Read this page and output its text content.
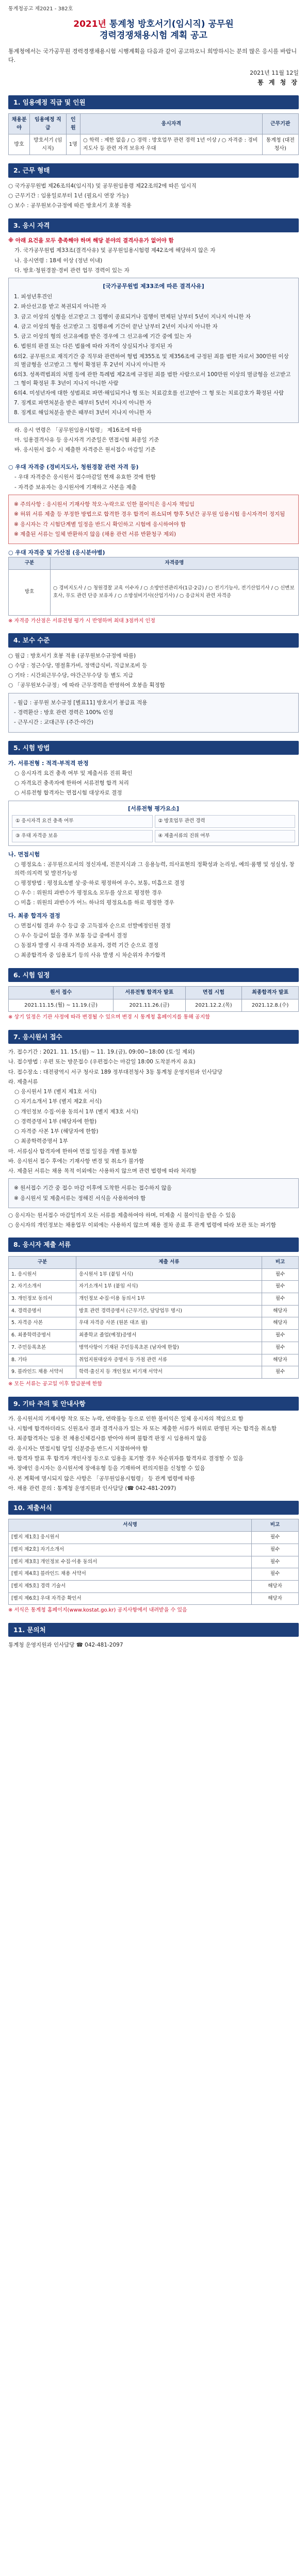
통계청공고 제2021 - 382호
2021년 통계청 방호서기(임시직) 공무원
경력경쟁채용시험 계획 공고
통계청에서는 국가공무원 경력경쟁채용시험 시행계획을 다음과 같이 공고하오니 희망하시는 분의 많은 응시를 바랍니다.
2021년 11월 12일
통 계 청 장
1. 임용예정 직급 및 인원
채용분야	임용예정 직급	인원	응시자격	근무기관
방호	방호서기 (임시직)	1명	○ 학력 : 제한 없음 / ○ 경력 : 방호업무 관련 경력 1년 이상 / ○ 자격증 : 경비지도사 등 관련 자격 보유자 우대	통계청 (대전청사)
2. 근무 형태
○ 국가공무원법 제26조의4(임시직) 및 공무원임용령 제22조의2에 따른 임시직
○ 근무기간 : 임용일로부터 1년 (필요시 연장 가능)
○ 보수 : 공무원보수규정에 따른 방호서기 호봉 적용
3. 응시 자격
※ 아래 요건을 모두 충족해야 하며 해당 분야의 결격사유가 없어야 함
가. 국가공무원법 제33조(결격사유) 및 공무원임용시험령 제42조에 해당하지 않은 자
나. 응시연령 : 18세 이상 (정년 이내)
다. 방호·청원경찰·경비 관련 업무 경력이 있는 자
[국가공무원법 제33조에 따른 결격사유]
1. 피성년후견인
2. 파산선고를 받고 복권되지 아니한 자
3. 금고 이상의 실형을 선고받고 그 집행이 종료되거나 집행이 면제된 날부터 5년이 지나지 아니한 자
4. 금고 이상의 형을 선고받고 그 집행유예 기간이 끝난 날부터 2년이 지나지 아니한 자
5. 금고 이상의 형의 선고유예를 받은 경우에 그 선고유예 기간 중에 있는 자
6. 법원의 판결 또는 다른 법률에 따라 자격이 상실되거나 정지된 자
6의2. 공무원으로 재직기간 중 직무와 관련하여 형법 제355조 및 제356조에 규정된 죄를 범한 자로서 300만원 이상의 벌금형을 선고받고 그 형이 확정된 후 2년이 지나지 아니한 자
6의3. 성폭력범죄의 처벌 등에 관한 특례법 제2조에 규정된 죄를 범한 사람으로서 100만원 이상의 벌금형을 선고받고 그 형이 확정된 후 3년이 지나지 아니한 사람
6의4. 미성년자에 대한 성범죄로 파면·해임되거나 형 또는 치료감호를 선고받아 그 형 또는 치료감호가 확정된 사람
7. 징계로 파면처분을 받은 때부터 5년이 지나지 아니한 자
8. 징계로 해임처분을 받은 때부터 3년이 지나지 아니한 자
라. 응시 연령은 「공무원임용시험령」 제16조에 따름
마. 임용결격사유 등 응시자격 기준일은 면접시험 최종일 기준
바. 응시원서 접수 시 제출한 자격증은 원서접수 마감일 기준
○ 우대 자격증 (경비지도사, 청원경찰 관련 자격 등)
- 우대 자격증은 응시원서 접수마감일 현재 유효한 것에 한함
- 자격증 보유자는 응시원서에 기재하고 사본을 제출
※ 주의사항 : 응시원서 기재사항 착오·누락으로 인한 불이익은 응시자 책임임
※ 허위 서류 제출 등 부정한 방법으로 합격한 경우 합격이 취소되며 향후 5년간 공무원 임용시험 응시자격이 정지됨
※ 응시자는 각 시험단계별 일정을 반드시 확인하고 시험에 응시하여야 함
※ 제출된 서류는 일체 반환하지 않음 (채용 관련 서류 반환청구 제외)
○ 우대 자격증 및 가산점 (응시분야별)
구분	자격증명
방호	○ 경비지도사 / ○ 청원경찰 교육 이수자 / ○ 소방안전관리자(1급·2급) / ○ 전기기능사, 전기산업기사 / ○ 신변보호사, 무도 관련 단증 보유자 / ○ 소방설비기사(산업기사) / ○ 응급처치 관련 자격증
※ 자격증 가산점은 서류전형 평가 시 반영하며 최대 3점까지 인정
4. 보수 수준
○ 월급 : 방호서기 호봉 적용 (공무원보수규정에 따름)
○ 수당 : 정근수당, 명절휴가비, 정액급식비, 직급보조비 등
○ 기타 : 시간외근무수당, 야간근무수당 등 별도 지급
○ 「공무원보수규정」에 따라 근무경력을 반영하여 호봉을 획정함
- 월급 : 공무원 보수규정 [별표11] 방호서기 봉급표 적용
- 경력환산 : 방호 관련 경력은 100% 인정
- 근무시간 : 교대근무 (주간·야간)
5. 시험 방법
가. 서류전형 : 적격·부적격 판정
○ 응시자격 요건 충족 여부 및 제출서류 진위 확인
○ 자격요건 충족자에 한하여 서류전형 합격 처리
○ 서류전형 합격자는 면접시험 대상자로 결정
[서류전형 평가요소]
① 응시자격 요건 충족 여부	② 방호업무 관련 경력
③ 우대 자격증 보유	④ 제출서류의 진위 여부
나. 면접시험
○ 평정요소 : 공무원으로서의 정신자세, 전문지식과 그 응용능력, 의사표현의 정확성과 논리성, 예의·품행 및 성실성, 창의력·의지력 및 발전가능성
○ 평정방법 : 평정요소별 상·중·하로 평정하여 우수, 보통, 미흡으로 결정
○ 우수 : 위원의 과반수가 평정요소 모두를 상으로 평정한 경우
○ 미흡 : 위원의 과반수가 어느 하나의 평정요소를 하로 평정한 경우
다. 최종 합격자 결정
○ 면접시험 결과 우수 등급 중 고득점자 순으로 선발예정인원 결정
○ 우수 등급이 없을 경우 보통 등급 중에서 결정
○ 동점자 발생 시 우대 자격증 보유자, 경력 기간 순으로 결정
○ 최종합격자 중 임용포기 등의 사유 발생 시 차순위자 추가합격
6. 시험 일정
원서 접수	서류전형 합격자 발표	면접 시험	최종합격자 발표
2021.11.15.(월) ~ 11.19.(금)	2021.11.26.(금)	2021.12.2.(목)	2021.12.8.(수)
※ 상기 일정은 기관 사정에 따라 변경될 수 있으며 변경 시 통계청 홈페이지를 통해 공지함
7. 응시원서 접수
가. 접수기간 : 2021. 11. 15.(월) ~ 11. 19.(금), 09:00~18:00 (토·일 제외)
나. 접수방법 : 우편 또는 방문접수 (우편접수는 마감일 18:00 도착분까지 유효)
다. 접수장소 : 대전광역시 서구 청사로 189 정부대전청사 3동 통계청 운영지원과 인사담당
라. 제출서류
○ 응시원서 1부 (별지 제1호 서식)
○ 자기소개서 1부 (별지 제2호 서식)
○ 개인정보 수집·이용 동의서 1부 (별지 제3호 서식)
○ 경력증명서 1부 (해당자에 한함)
○ 자격증 사본 1부 (해당자에 한함)
○ 최종학력증명서 1부
마. 서류심사 합격자에 한하여 면접 일정을 개별 통보함
바. 응시원서 접수 후에는 기재사항 변경 및 취소가 불가함
사. 제출된 서류는 채용 목적 이외에는 사용하지 않으며 관련 법령에 따라 처리함
※ 원서접수 기간 중 접수 마감 이후에 도착한 서류는 접수하지 않음
※ 응시원서 및 제출서류는 정해진 서식을 사용하여야 함
○ 응시자는 원서접수 마감일까지 모든 서류를 제출하여야 하며, 미제출 시 불이익을 받을 수 있음
○ 응시자의 개인정보는 채용업무 이외에는 사용하지 않으며 채용 절차 종료 후 관계 법령에 따라 보관 또는 파기함
8. 응시자 제출 서류
구분	제출 서류	비고
1. 응시원서	응시원서 1부 (붙임 서식)	필수
2. 자기소개서	자기소개서 1부 (붙임 서식)	필수
3. 개인정보 동의서	개인정보 수집·이용 동의서 1부	필수
4. 경력증명서	방호 관련 경력증명서 (근무기간, 담당업무 명시)	해당자
5. 자격증 사본	우대 자격증 사본 (원본 대조 필)	해당자
6. 최종학력증명서	최종학교 졸업(예정)증명서	필수
7. 주민등록초본	병역사항이 기재된 주민등록초본 (남자에 한함)	필수
8. 기타	취업지원대상자 증명서 등 가점 관련 서류	해당자
9. 블라인드 채용 서약서	학력·출신지 등 개인정보 비기재 서약서	필수
※ 모든 서류는 공고일 이후 발급분에 한함
9. 기타 주의 및 안내사항
가. 응시원서의 기재사항 착오 또는 누락, 연락불능 등으로 인한 불이익은 일체 응시자의 책임으로 함
나. 시험에 합격하더라도 신원조사 결과 결격사유가 있는 자 또는 제출한 서류가 허위로 판명된 자는 합격을 취소함
다. 최종합격자는 임용 전 채용신체검사를 받아야 하며 불합격 판정 시 임용하지 않음
라. 응시자는 면접시험 당일 신분증을 반드시 지참하여야 함
마. 합격자 발표 후 합격자 개인사정 등으로 임용을 포기할 경우 차순위자를 합격자로 결정할 수 있음
바. 장애인 응시자는 응시원서에 장애유형 등을 기재하여 편의지원을 신청할 수 있음
사. 본 계획에 명시되지 않은 사항은 「공무원임용시험령」 등 관계 법령에 따름
아. 채용 관련 문의 : 통계청 운영지원과 인사담당 (☎ 042-481-2097)
10. 제출서식
서식명	비고
[별지 제1호] 응시원서	필수
[별지 제2호] 자기소개서	필수
[별지 제3호] 개인정보 수집·이용 동의서	필수
[별지 제4호] 블라인드 채용 서약서	필수
[별지 제5호] 경력 기술서	해당자
[별지 제6호] 우대 자격증 확인서	해당자
※ 서식은 통계청 홈페이지(www.kostat.go.kr) 공지사항에서 내려받을 수 있음
11. 문의처
통계청 운영지원과 인사담당 ☎ 042-481-2097
